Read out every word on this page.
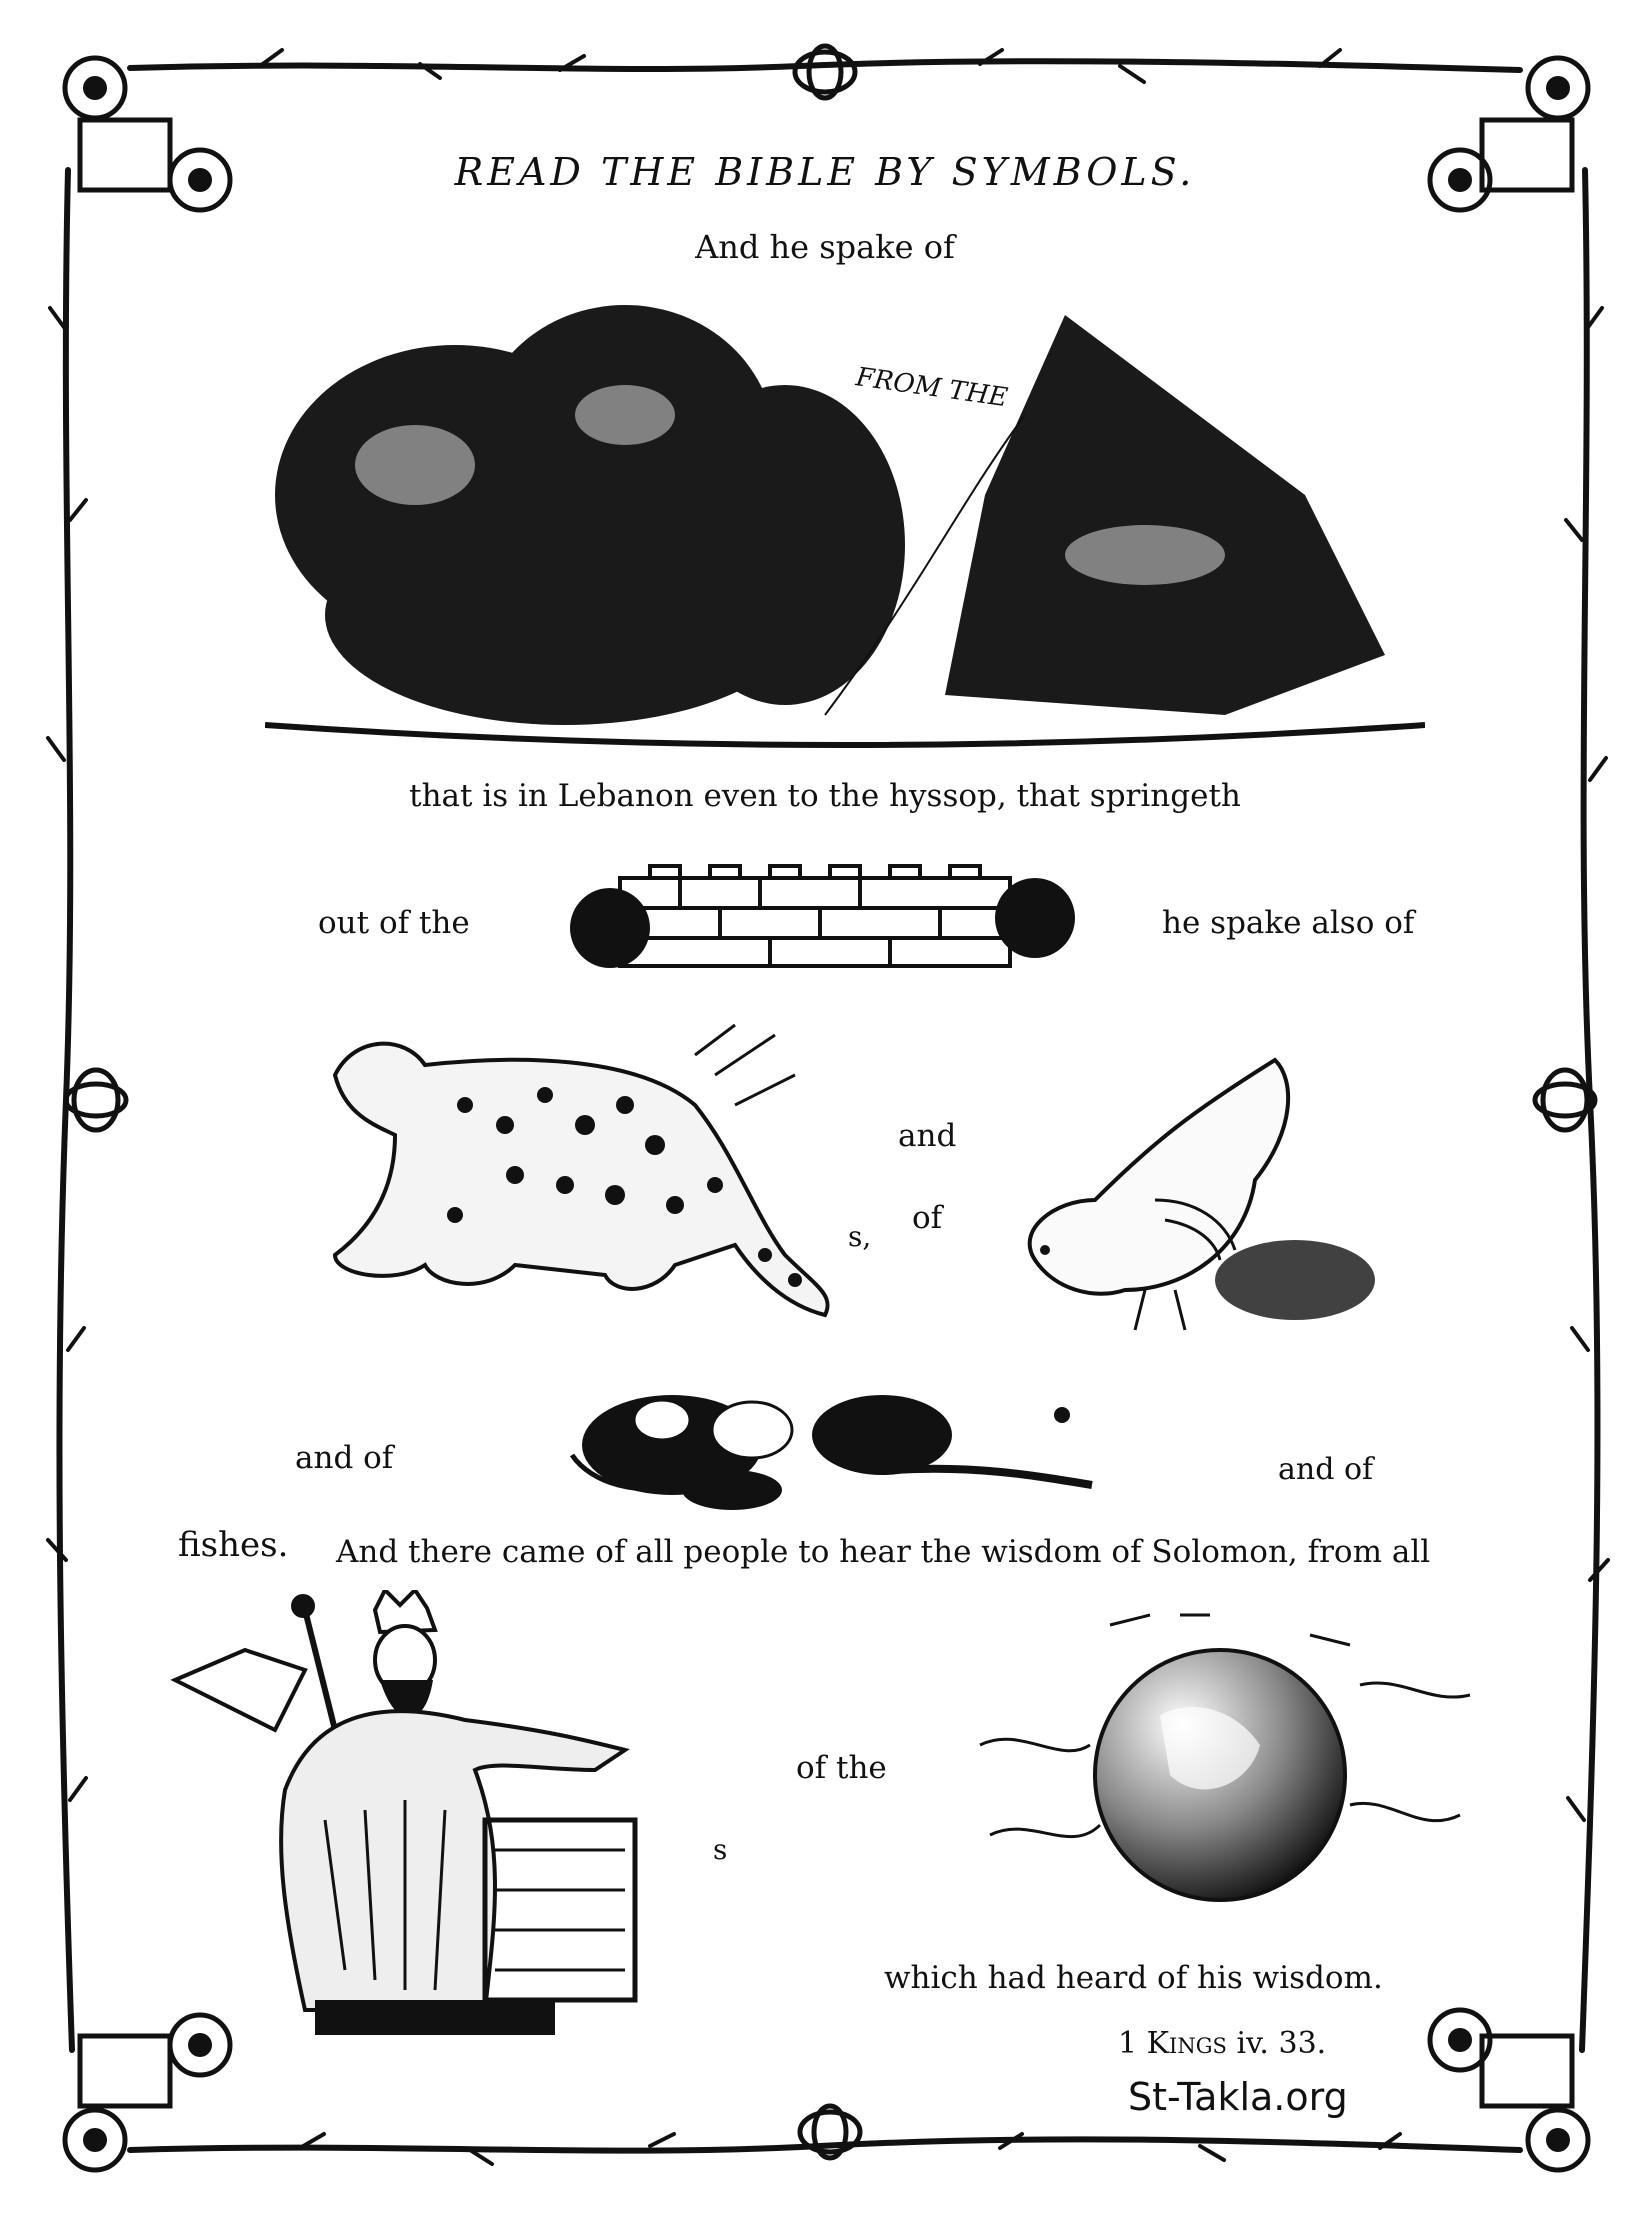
FROM THE
READ THE BIBLE BY SYMBOLS.
And he spake of
that is in Lebanon even to the hyssop, that springeth
out of the	he spake also of
and
s,
of
and of	and of
fishes. And there came of all people to hear the wisdom of Solomon, from all
of the
s
which had heard of his wisdom.
1 Kings iv. 33.
St-Takla.org
